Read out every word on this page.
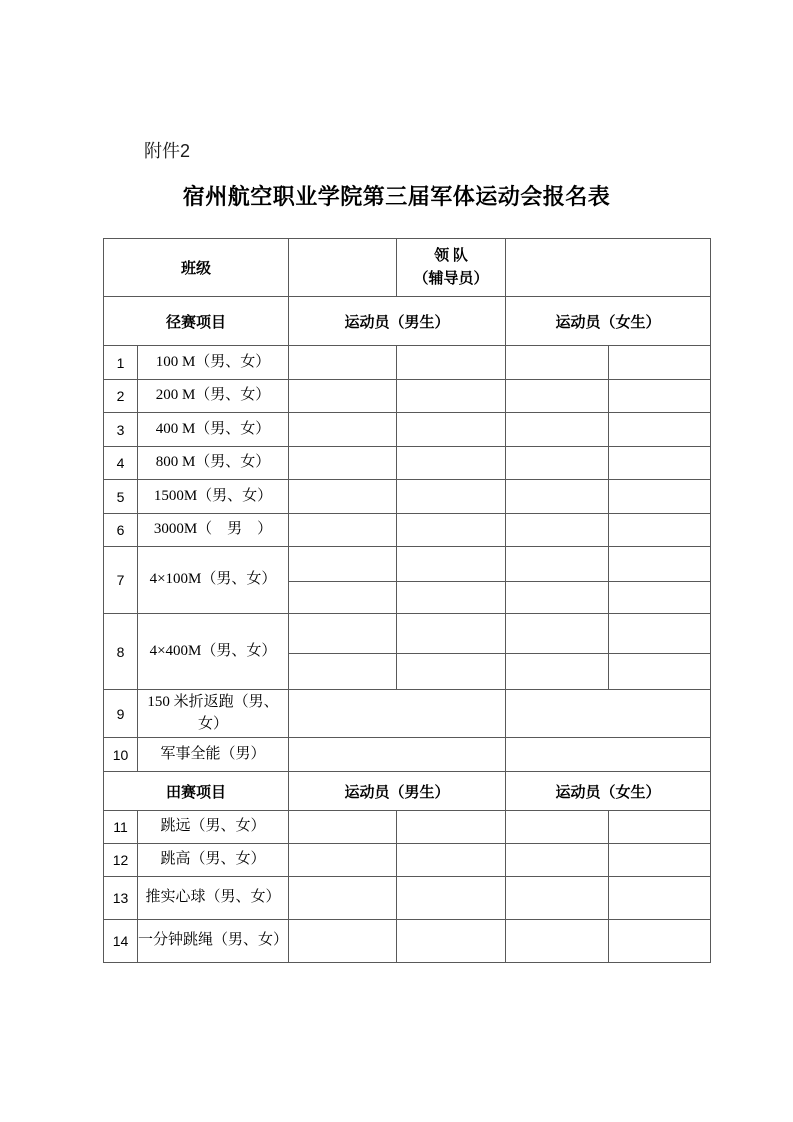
附件2
宿州航空职业学院第三届军体运动会报名表
班级			领 队
（辅导员）		

径赛项目		运动员（男生）		运动员（女生）	
1	100 M（男、女）				
2	200 M（男、女）				
3	400 M（男、女）				
4	800 M（男、女）				
5	1500M（男、女）				
6	3000M（　男　）				
7	4×100M（男、女）				

8	4×400M（男、女）				

9	150 米折返跑（男、女）				
10	军事全能（男）				
田赛项目		运动员（男生）		运动员（女生）	
11	跳远（男、女）				
12	跳高（男、女）				
13	推实心球（男、女）				
14	一分钟跳绳（男、女）				
